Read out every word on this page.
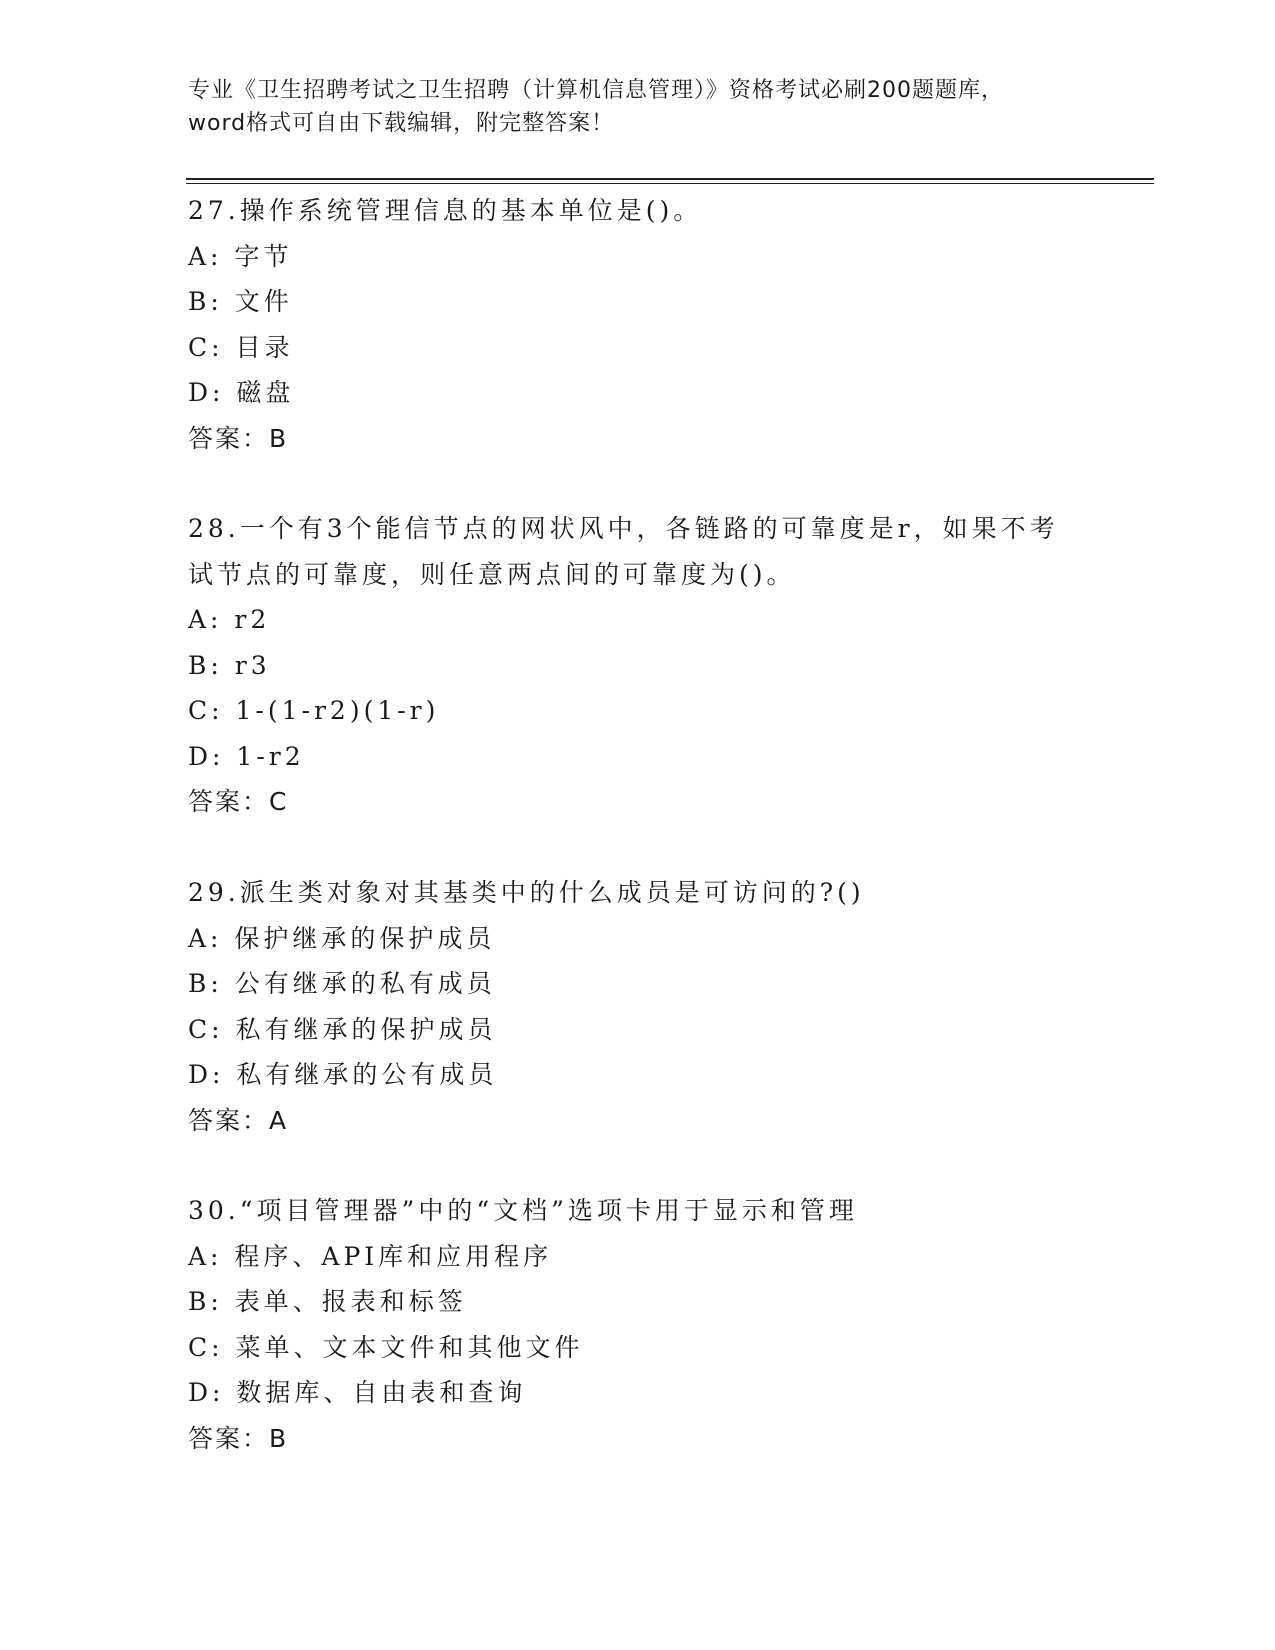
专业《卫生招聘考试之卫生招聘（计算机信息管理）》资格考试必刷200题题库，
word格式可自由下载编辑，附完整答案！
27.操作系统管理信息的基本单位是()。
A: 字节
B: 文件
C: 目录
D: 磁盘
答案：B
28.一个有3个能信节点的网状风中，各链路的可靠度是r，如果不考
试节点的可靠度，则任意两点间的可靠度为()。
A: r2
B: r3
C: 1-(1-r2)(1-r)
D: 1-r2
答案：C
29.派生类对象对其基类中的什么成员是可访问的?()
A: 保护继承的保护成员
B: 公有继承的私有成员
C: 私有继承的保护成员
D: 私有继承的公有成员
答案：A
30.“项目管理器”中的“文档”选项卡用于显示和管理
A: 程序、API库和应用程序
B: 表单、报表和标签
C: 菜单、文本文件和其他文件
D: 数据库、自由表和查询
答案：B
